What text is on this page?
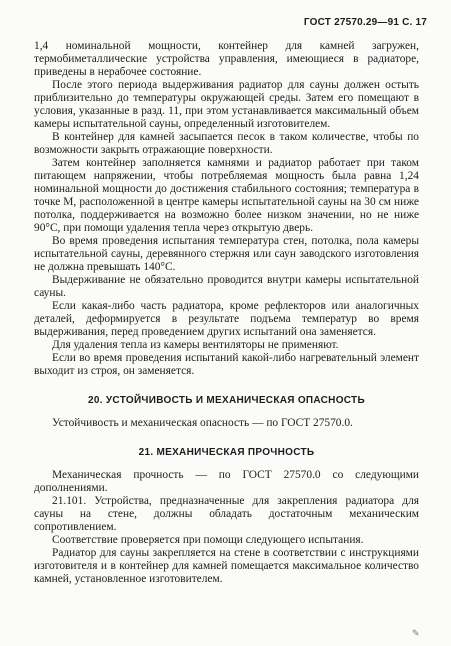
ГОСТ 27570.29—91 С. 17

1,4 номинальной мощности, контейнер для камней загружен, термобиметаллические устройства управления, имеющиеся в радиаторе, приведены в нерабочее состояние.

После этого периода выдерживания радиатор для сауны должен остыть приблизительно до температуры окружающей среды. Затем его помещают в условия, указанные в разд. 11, при этом устанавливается максимальный объем камеры испытательной сауны, определенный изготовителем.

В контейнер для камней засыпается песок в таком количестве, чтобы по возможности закрыть отражающие поверхности.

Затем контейнер заполняется камнями и радиатор работает при таком питающем напряжении, чтобы потребляемая мощность была равна 1,24 номинальной мощности до достижения стабильного состояния; температура в точке М, расположенной в центре камеры испытательной сауны на 30 см ниже потолка, поддерживается на возможно более низком значении, но не ниже 90°С, при помощи удаления тепла через открытую дверь.

Во время проведения испытания температура стен, потолка, пола камеры испытательной сауны, деревянного стержня или саун заводского изготовления не должна превышать 140°С.

Выдерживание не обязательно проводится внутри камеры испытательной сауны.

Если какая-либо часть радиатора, кроме рефлекторов или аналогичных деталей, деформируется в результате подъема температур во время выдерживания, перед проведением других испытаний она заменяется.

Для удаления тепла из камеры вентиляторы не применяют.

Если во время проведения испытаний какой-либо нагревательный элемент выходит из строя, он заменяется.

20. УСТОЙЧИВОСТЬ И МЕХАНИЧЕСКАЯ ОПАСНОСТЬ

Устойчивость и механическая опасность — по ГОСТ 27570.0.

21. МЕХАНИЧЕСКАЯ ПРОЧНОСТЬ

Механическая прочность — по ГОСТ 27570.0 со следующими дополнениями.

21.101. Устройства, предназначенные для закрепления радиатора для сауны на стене, должны обладать достаточным механическим сопротивлением.

Соответствие проверяется при помощи следующего испытания.

Радиатор для сауны закрепляется на стене в соответствии с инструкциями изготовителя и в контейнер для камней помещается максимальное количество камней, установленное изготовителем.

✎
